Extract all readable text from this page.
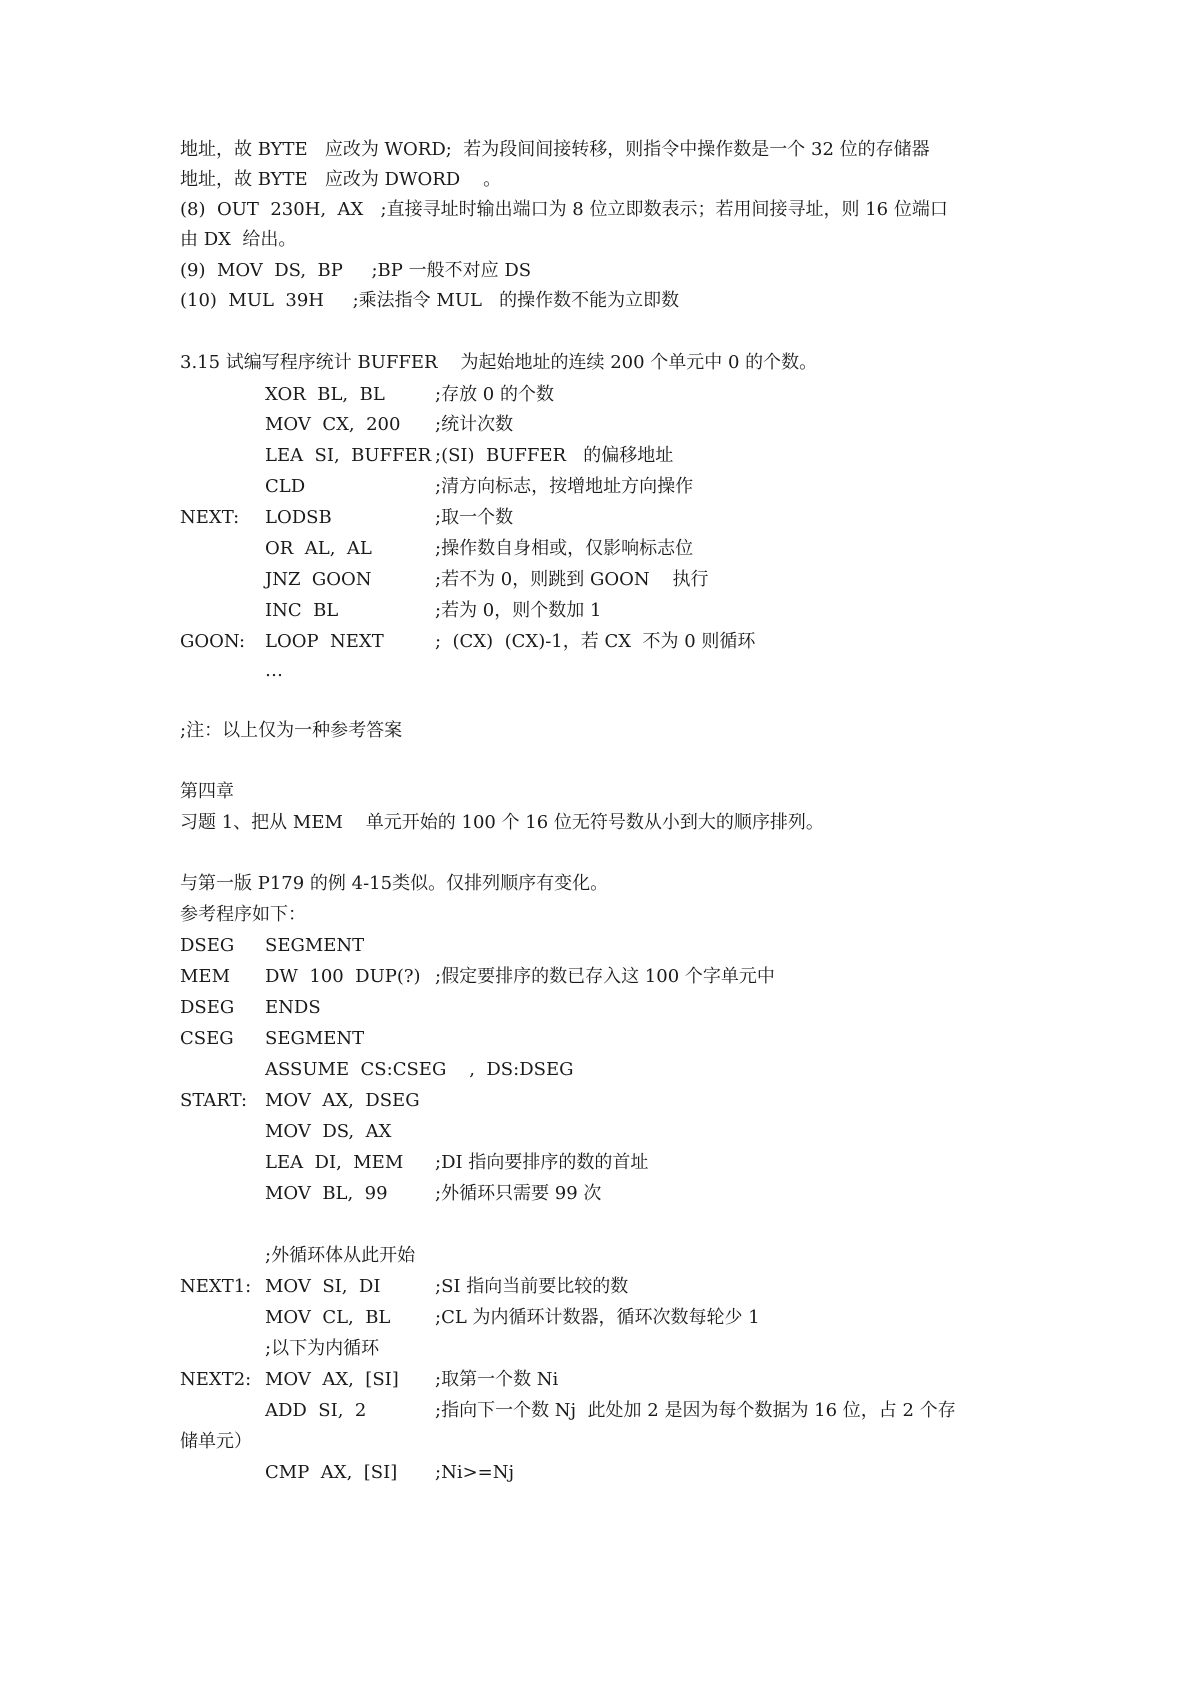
地址，故 BYTE   应改为 WORD;  若为段间间接转移，则指令中操作数是一个 32 位的存储器
地址，故 BYTE   应改为 DWORD    。
(8)  OUT  230H,  AX   ;直接寻址时输出端口为 8 位立即数表示；若用间接寻址，则 16 位端口
由 DX  给出。
(9)  MOV  DS,  BP     ;BP 一般不对应 DS
(10)  MUL  39H     ;乘法指令 MUL   的操作数不能为立即数
3.15 试编写程序统计 BUFFER    为起始地址的连续 200 个单元中 0 的个数。
XOR  BL,  BL	;存放 0 的个数
MOV  CX,  200 ;统计次数
LEA  SI,  BUFFER ;(SI)  BUFFER   的偏移地址
CLD	;清方向标志，按增地址方向操作
NEXT: LODSB	;取一个数
OR  AL,  AL	;操作数自身相或，仅影响标志位
JNZ  GOON	;若不为 0，则跳到 GOON    执行
INC  BL	;若为 0，则个数加 1
GOON: LOOP  NEXT	;  (CX)  (CX)-1，若 CX  不为 0 则循环
…
;注：以上仅为一种参考答案
第四章
习题 1、把从 MEM    单元开始的 100 个 16 位无符号数从小到大的顺序排列。
与第一版 P179 的例 4-15类似。仅排列顺序有变化。
参考程序如下：
DSEG SEGMENT
MEM DW  100  DUP(?) ;假定要排序的数已存入这 100 个字单元中
DSEG ENDS
CSEG SEGMENT
ASSUME  CS:CSEG    ,  DS:DSEG
START: MOV  AX,  DSEG
MOV  DS,  AX
LEA  DI,  MEM ;DI 指向要排序的数的首址
MOV  BL,  99	;外循环只需要 99 次
;外循环体从此开始
NEXT1: MOV  SI,  DI	;SI 指向当前要比较的数
MOV  CL,  BL ;CL 为内循环计数器，循环次数每轮少 1
;以下为内循环
NEXT2: MOV  AX,  [SI] ;取第一个数 Ni
ADD  SI,  2	;指向下一个数 Nj  此处加 2 是因为每个数据为 16 位，占 2 个存
储单元）
CMP  AX,  [SI] ;Ni>=Nj
